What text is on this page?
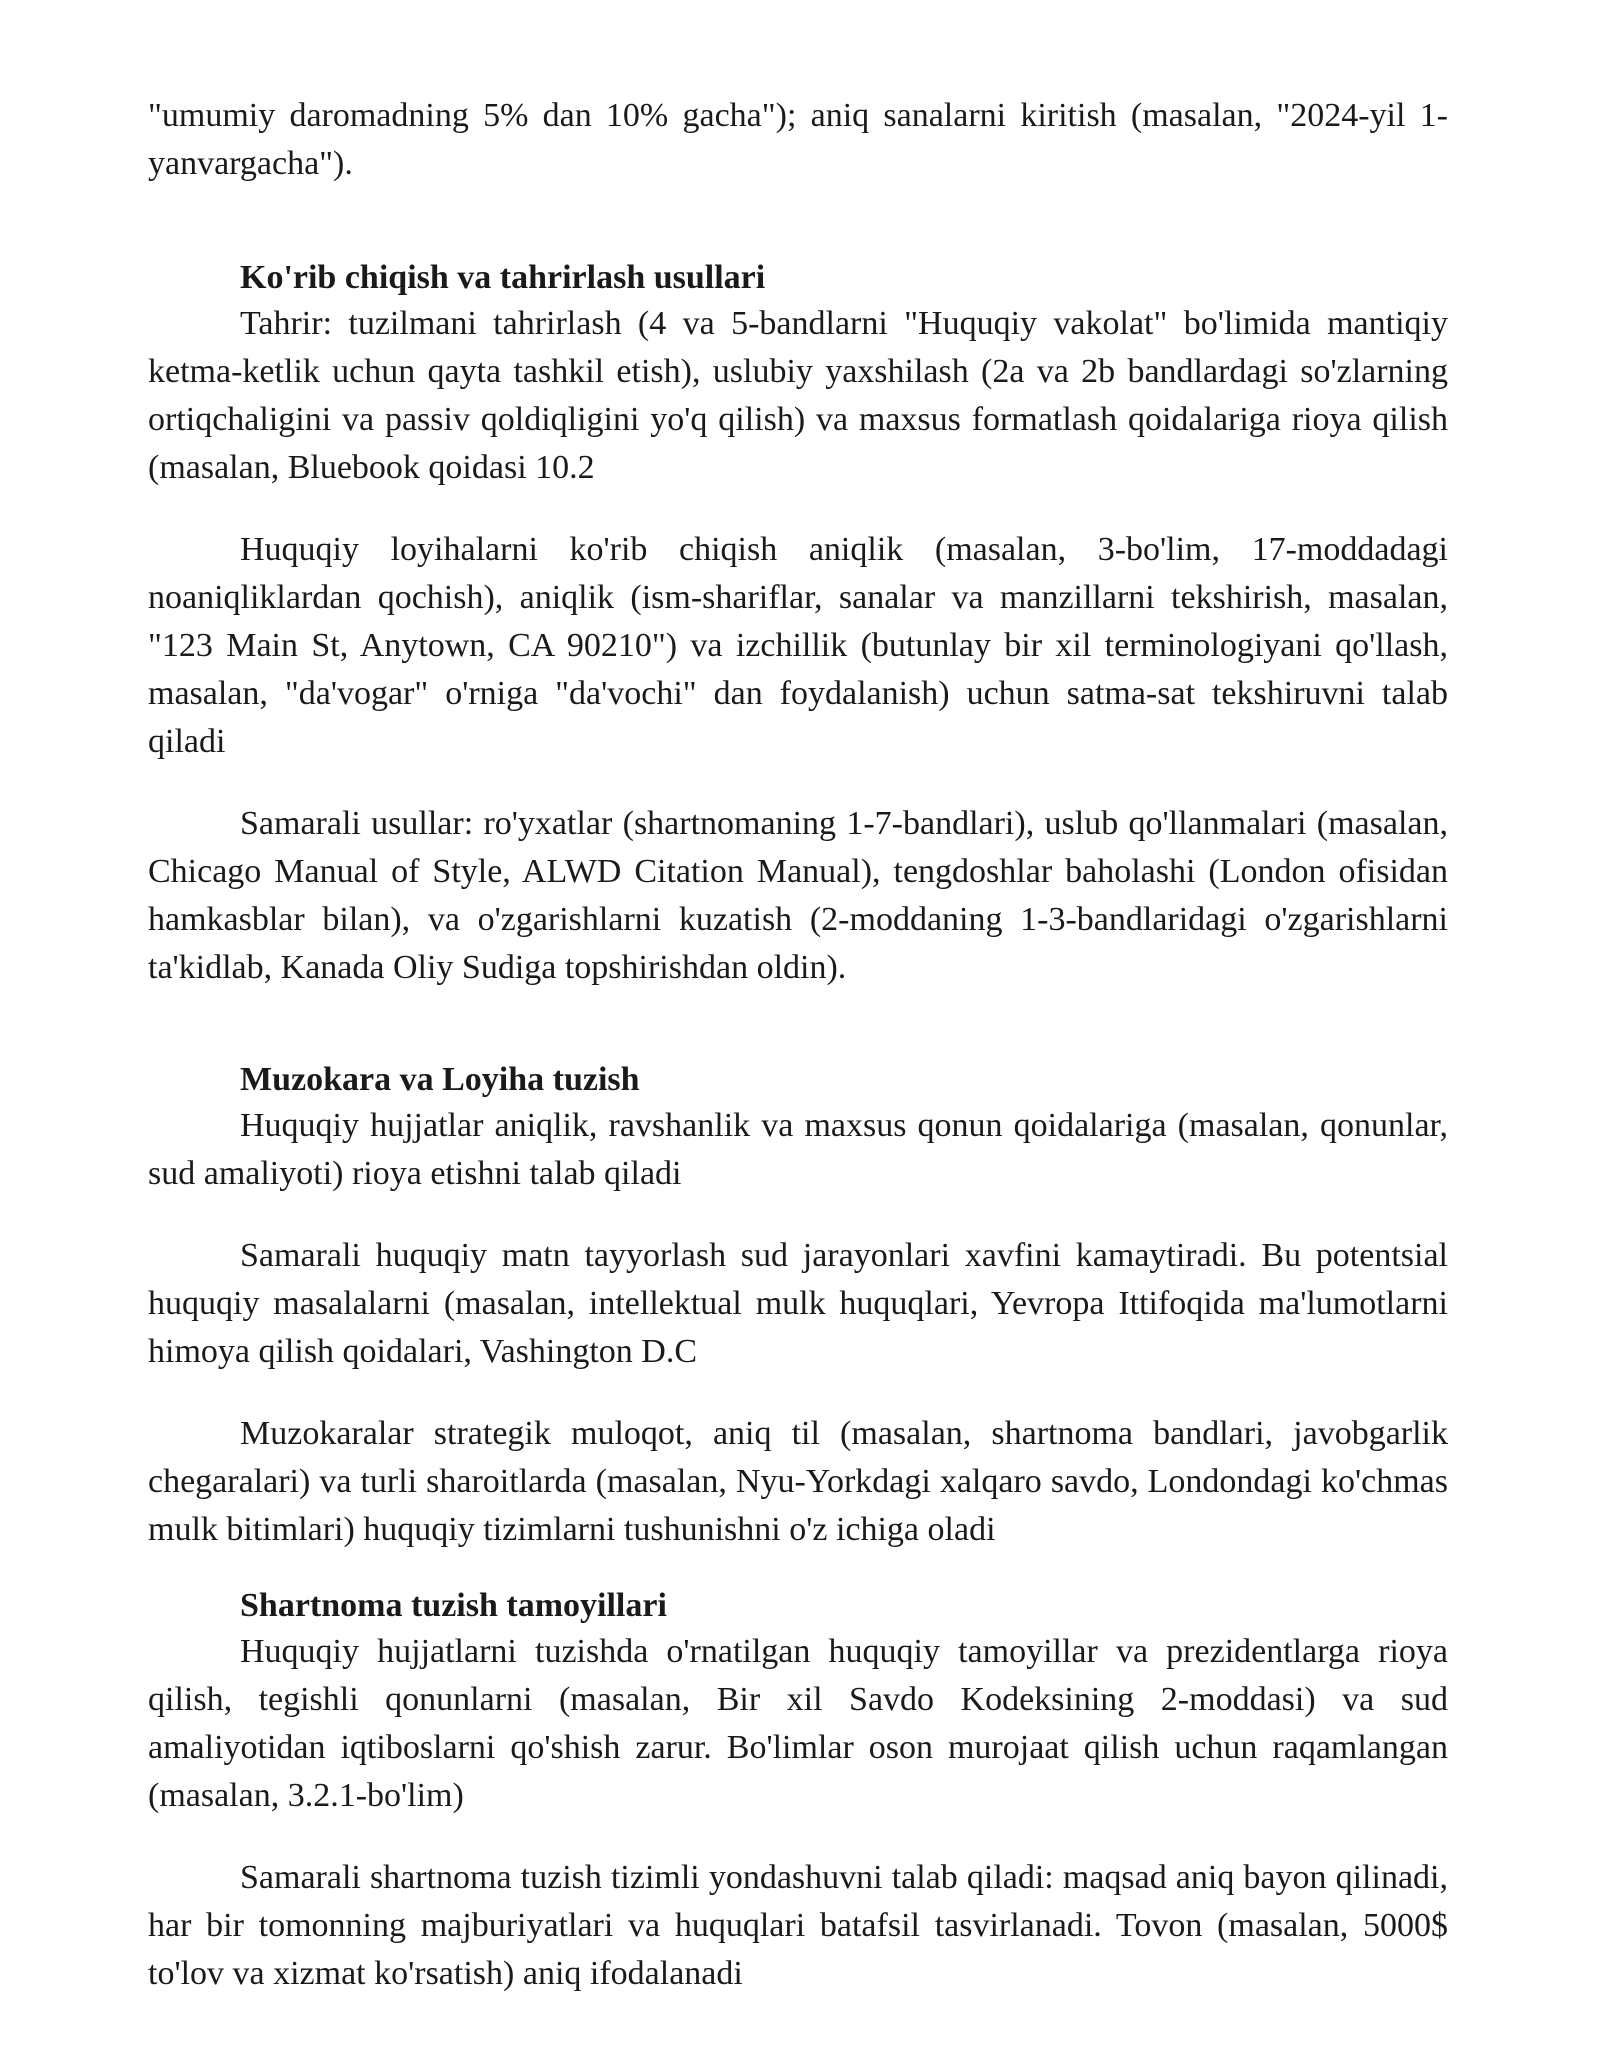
"umumiy daromadning 5% dan 10% gacha"); aniq sanalarni kiritish (masalan, "2024-yil 1-yanvargacha").

Ko'rib chiqish va tahrirlash usullari

Tahrir: tuzilmani tahrirlash (4 va 5-bandlarni "Huquqiy vakolat" bo'limida mantiqiy ketma-ketlik uchun qayta tashkil etish), uslubiy yaxshilash (2a va 2b bandlardagi so'zlarning ortiqchaligini va passiv qoldiqligini yo'q qilish) va maxsus formatlash qoidalariga rioya qilish (masalan, Bluebook qoidasi 10.2

Huquqiy loyihalarni ko'rib chiqish aniqlik (masalan, 3-bo'lim, 17-moddadagi noaniqliklardan qochish), aniqlik (ism-shariflar, sanalar va manzillarni tekshirish, masalan, "123 Main St, Anytown, CA 90210") va izchillik (butunlay bir xil terminologiyani qo'llash, masalan, "da'vogar" o'rniga "da'vochi" dan foydalanish) uchun satma-sat tekshiruvni talab qiladi

Samarali usullar: ro'yxatlar (shartnomaning 1-7-bandlari), uslub qo'llanmalari (masalan, Chicago Manual of Style, ALWD Citation Manual), tengdoshlar baholashi (London ofisidan hamkasblar bilan), va o'zgarishlarni kuzatish (2-moddaning 1-3-bandlaridagi o'zgarishlarni ta'kidlab, Kanada Oliy Sudiga topshirishdan oldin).

Muzokara va Loyiha tuzish

Huquqiy hujjatlar aniqlik, ravshanlik va maxsus qonun qoidalariga (masalan, qonunlar, sud amaliyoti) rioya etishni talab qiladi

Samarali huquqiy matn tayyorlash sud jarayonlari xavfini kamaytiradi. Bu potentsial huquqiy masalalarni (masalan, intellektual mulk huquqlari, Yevropa Ittifoqida ma'lumotlarni himoya qilish qoidalari, Vashington D.C

Muzokaralar strategik muloqot, aniq til (masalan, shartnoma bandlari, javobgarlik chegaralari) va turli sharoitlarda (masalan, Nyu-Yorkdagi xalqaro savdo, Londondagi ko'chmas mulk bitimlari) huquqiy tizimlarni tushunishni o'z ichiga oladi

Shartnoma tuzish tamoyillari

Huquqiy hujjatlarni tuzishda o'rnatilgan huquqiy tamoyillar va prezidentlarga rioya qilish, tegishli qonunlarni (masalan, Bir xil Savdo Kodeksining 2-moddasi) va sud amaliyotidan iqtiboslarni qo'shish zarur. Bo'limlar oson murojaat qilish uchun raqamlangan (masalan, 3.2.1-bo'lim)

Samarali shartnoma tuzish tizimli yondashuvni talab qiladi: maqsad aniq bayon qilinadi, har bir tomonning majburiyatlari va huquqlari batafsil tasvirlanadi. Tovon (masalan, 5000$ to'lov va xizmat ko'rsatish) aniq ifodalanadi
